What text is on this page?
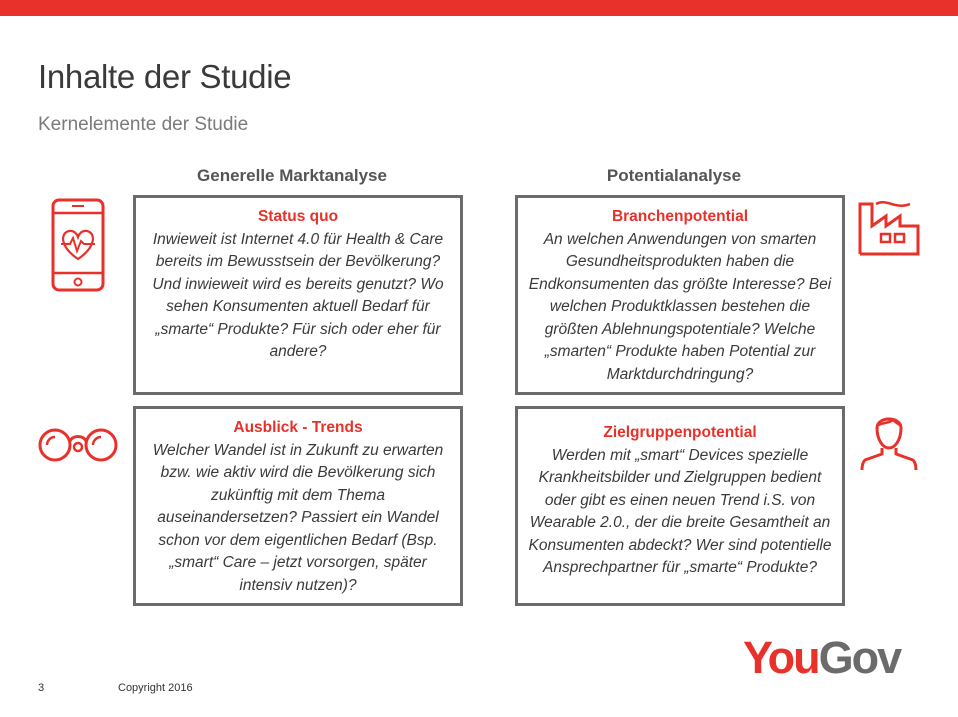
Inhalte der Studie
Kernelemente der Studie
Generelle Marktanalyse	Potentialanalyse
Status quo
Inwieweit ist Internet 4.0 für Health & Care bereits im Bewusstsein der Bevölkerung? Und inwieweit wird es bereits genutzt? Wo sehen Konsumenten aktuell Bedarf für „smarte“ Produkte? Für sich oder eher für andere?
Branchenpotential
An welchen Anwendungen von smarten Gesundheitsprodukten haben die Endkonsumenten das größte Interesse? Bei welchen Produktklassen bestehen die größten Ablehnungspotentiale? Welche „smarten“ Produkte haben Potential zur Marktdurchdringung?
Ausblick - Trends
Welcher Wandel ist in Zukunft zu erwarten bzw. wie aktiv wird die Bevölkerung sich zukünftig mit dem Thema auseinandersetzen? Passiert ein Wandel schon vor dem eigentlichen Bedarf (Bsp. „smart“ Care – jetzt vorsorgen, später intensiv nutzen)?
Zielgruppenpotential
Werden mit „smart“ Devices spezielle Krankheitsbilder und Zielgruppen bedient oder gibt es einen neuen Trend i.S. von Wearable 2.0., der die breite Gesamtheit an Konsumenten abdeckt? Wer sind potentielle Ansprechpartner für „smarte“ Produkte?
3	Copyright 2016
YouGov
